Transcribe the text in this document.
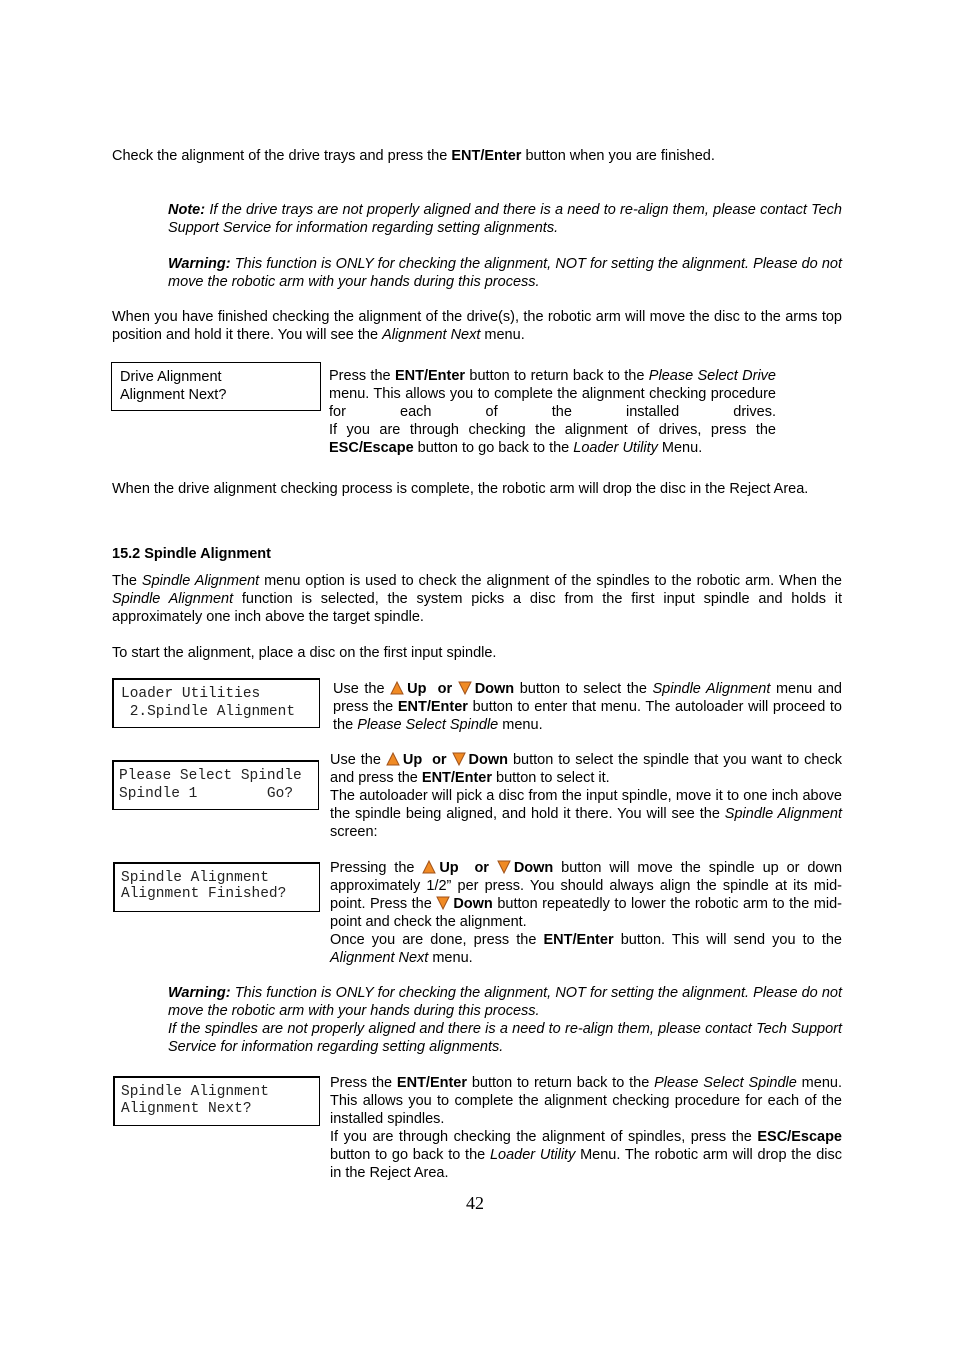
Check the alignment of the drive trays and press the ENT/Enter button when you are finished.

Note: If the drive trays are not properly aligned and there is a need to re-align them, please contact Tech Support Service for information regarding setting alignments.

Warning: This function is ONLY for checking the alignment, NOT for setting the alignment. Please do not move the robotic arm with your hands during this process.

When you have finished checking the alignment of the drive(s), the robotic arm will move the disc to the arms top position and hold it there. You will see the Alignment Next menu.

Drive Alignment
Alignment Next?
Press the ENT/Enter button to return back to the Please Select Drive menu. This allows you to complete the alignment checking procedure for each of the installed drives.
If you are through checking the alignment of drives, press the ESC/Escape button to go back to the Loader Utility Menu.

When the drive alignment checking process is complete, the robotic arm will drop the disc in the Reject Area.

15.2 Spindle Alignment

The Spindle Alignment menu option is used to check the alignment of the spindles to the robotic arm. When the Spindle Alignment function is selected, the system picks a disc from the first input spindle and holds it approximately one inch above the target spindle.

To start the alignment, place a disc on the first input spindle.

Loader Utilities
2.Spindle Alignment
Use the
Up or Down button to select the Spindle Alignment menu and press the ENT/Enter button to enter that menu. The autoloader will proceed to the Please Select Spindle menu.
Please Select Spindle
Spindle 1        Go?
Use the
Up or Down button to select the spindle that you want to check and press the ENT/Enter button to select it.
The autoloader will pick a disc from the input spindle, move it to one inch above the spindle being aligned, and hold it there. You will see the Spindle Alignment screen:
Spindle Alignment
Alignment Finished?
Pressing the
Up or Down button will move the spindle up or down approximately 1/2” per press. You should always align the spindle at its mid-point. Press the
Down button repeatedly to lower the robotic arm to the mid-point and check the alignment.
Once you are done, press the ENT/Enter button. This will send you to the Alignment Next menu.
Warning: This function is ONLY for checking the alignment, NOT for setting the alignment. Please do not move the robotic arm with your hands during this process.
If the spindles are not properly aligned and there is a need to re-align them, please contact Tech Support Service for information regarding setting alignments.
Spindle Alignment
Alignment Next?
Press the ENT/Enter button to return back to the Please Select Spindle menu. This allows you to complete the alignment checking procedure for each of the installed spindles.
If you are through checking the alignment of spindles, press the ESC/Escape button to go back to the Loader Utility Menu. The robotic arm will drop the disc in the Reject Area.
42
